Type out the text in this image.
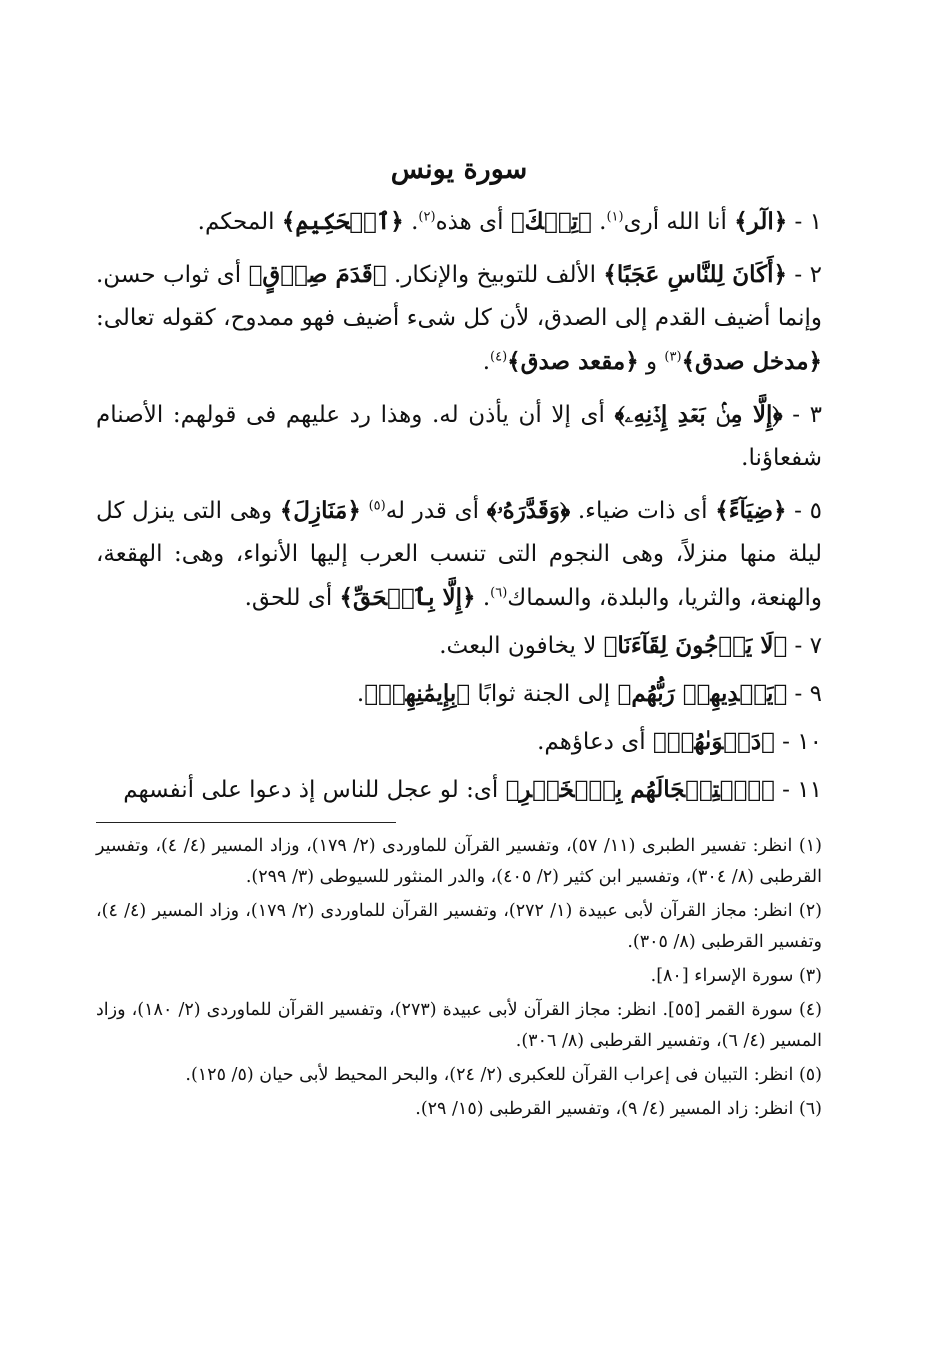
سورة يونس

١ - ﴿الٓر﴾ أنا الله أرى$^{(١)}$. ﴿تِلۡكَ﴾ أى هذه$^{(٢)}$. ﴿ٱلۡحَكِيمِ﴾ المحكم.

٢ - ﴿أَكَانَ لِلنَّاسِ عَجَبًا﴾ الألف للتوبيخ والإنكار. ﴿قَدَمَ صِدۡقٍ﴾ أى ثواب حسن. وإنما أضيف القدم إلى الصدق، لأن كل شىء أضيف فهو ممدوح، كقوله تعالى: ﴿مدخل صدق﴾$^{(٣)}$ و ﴿مقعد صدق﴾$^{(٤)}$.

٣ - ﴿إِلَّا مِنۢ بَعۡدِ إِذۡنِهِۦ﴾ أى إلا أن يأذن له. وهذا رد عليهم فى قولهم: الأصنام شفعاؤنا.

٥ - ﴿ضِيَآءً﴾ أى ذات ضياء. ﴿وَقَدَّرَهُۥ﴾ أى قدر له$^{(٥)}$ ﴿مَنَازِلَ﴾ وهى التى ينزل كل ليلة منها منزلاً، وهى النجوم التى تنسب العرب إليها الأنواء، وهى: الهقعة، والهنعة، والثريا، والبلدة، والسماك$^{(٦)}$. ﴿إِلَّا بِٱلۡحَقِّ﴾ أى للحق.

٧ - ﴿لَا يَرۡجُونَ لِقَآءَنَا﴾ لا يخافون البعث.

٩ - ﴿يَهۡدِيهِمۡ رَبُّهُم﴾ إلى الجنة ثوابًا ﴿بِإِيمَٰنِهِمۡ﴾.

١٠ - ﴿دَعۡوَىٰهُمۡ﴾ أى دعاؤهم.

١١ - ﴿ٱسۡتِعۡجَالَهُم بِٱلۡخَيۡرِ﴾ أى: لو عجل للناس إذ دعوا على أنفسهم

(١) انظر: تفسير الطبرى (١١/ ٥٧)، وتفسير القرآن للماوردى (٢/ ١٧٩)، وزاد المسير (٤/ ٤)، وتفسير القرطبى (٨/ ٣٠٤)، وتفسير ابن كثير (٢/ ٤٠٥)، والدر المنثور للسيوطى (٣/ ٢٩٩).

(٢) انظر: مجاز القرآن لأبى عبيدة (١/ ٢٧٢)، وتفسير القرآن للماوردى (٢/ ١٧٩)، وزاد المسير (٤/ ٤)، وتفسير القرطبى (٨/ ٣٠٥).

(٣) سورة الإسراء [٨٠].

(٤) سورة القمر [٥٥]. انظر: مجاز القرآن لأبى عبيدة (٢٧٣)، وتفسير القرآن للماوردى (٢/ ١٨٠)، وزاد المسير (٤/ ٦)، وتفسير القرطبى (٨/ ٣٠٦).

(٥) انظر: التبيان فى إعراب القرآن للعكبرى (٢/ ٢٤)، والبحر المحيط لأبى حيان (٥/ ١٢٥).

(٦) انظر: زاد المسير (٤/ ٩)، وتفسير القرطبى (١٥/ ٢٩).
